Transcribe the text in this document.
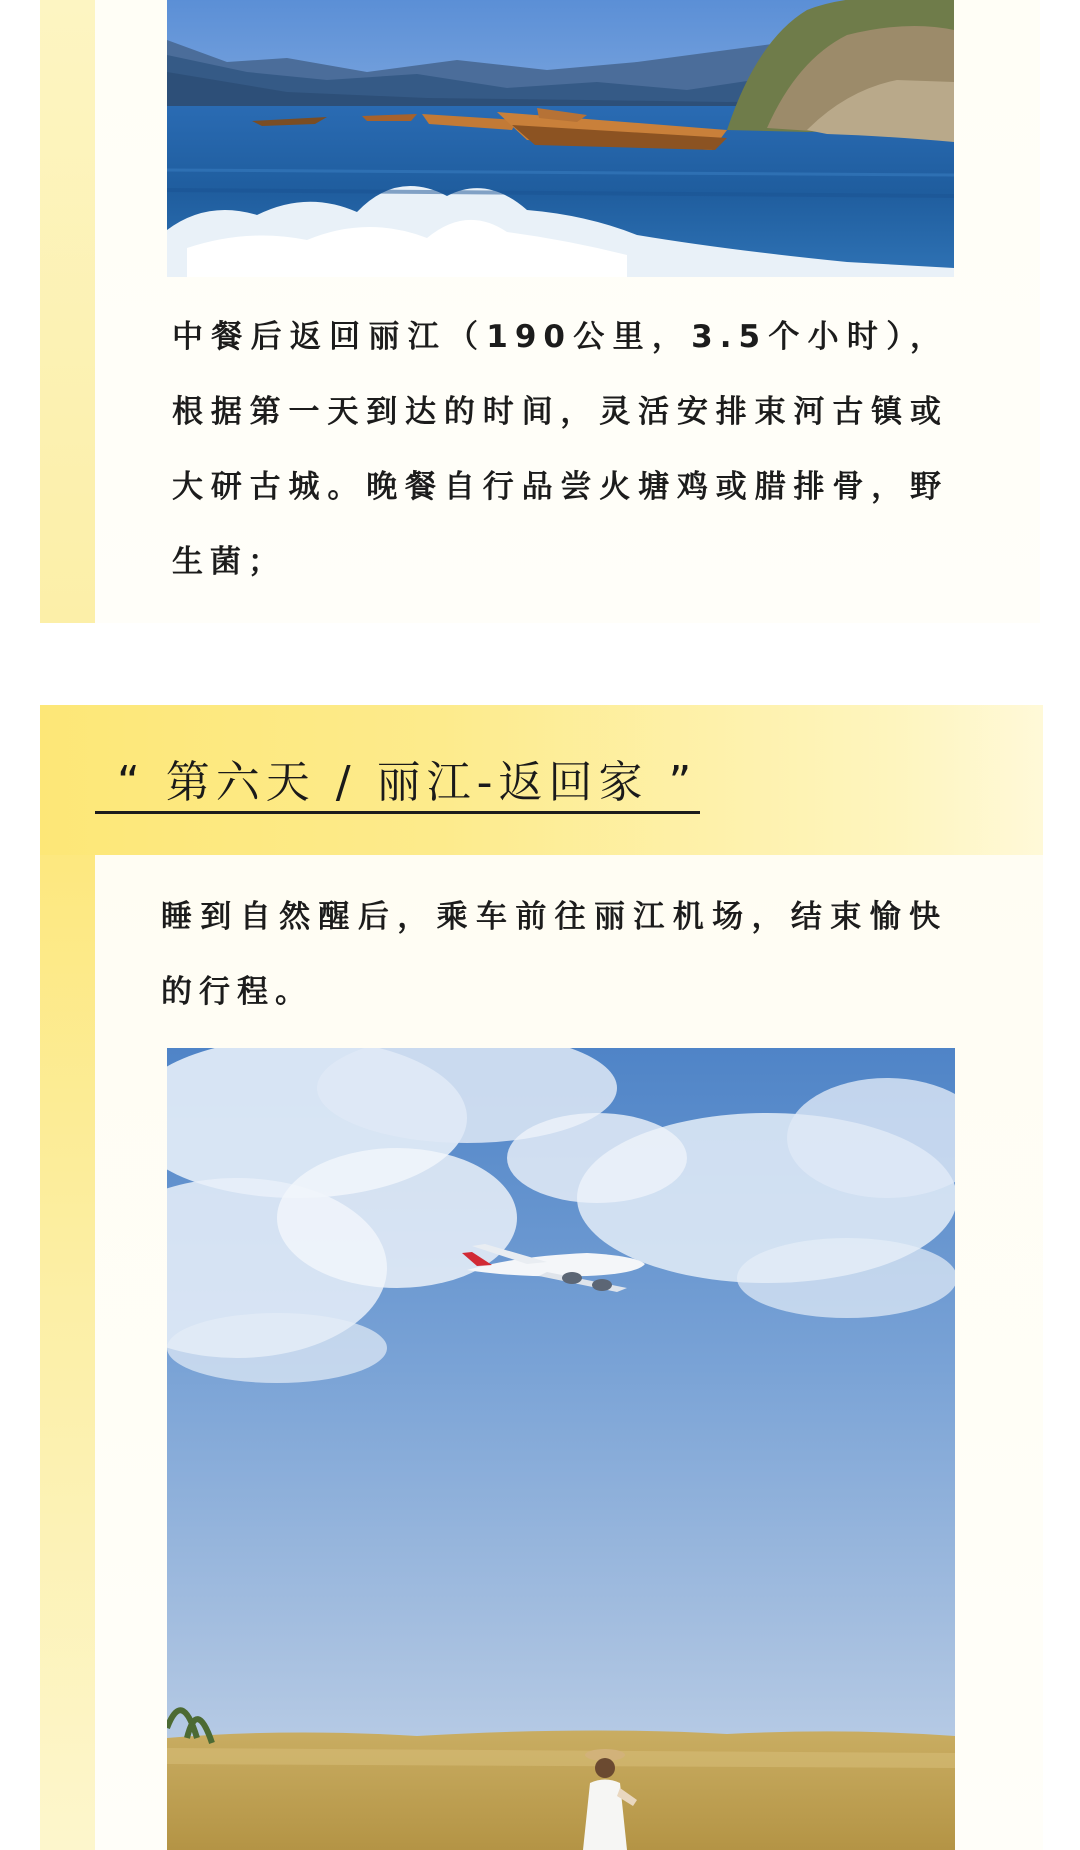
中餐后返回丽江（190公里，3.5个小时），根据第一天到达的时间，灵活安排束河古镇或大研古城。晚餐自行品尝火塘鸡或腊排骨，野生菌；

“ 第六天 / 丽江-返回家 ”

睡到自然醒后，乘车前往丽江机场，结束愉快的行程。
